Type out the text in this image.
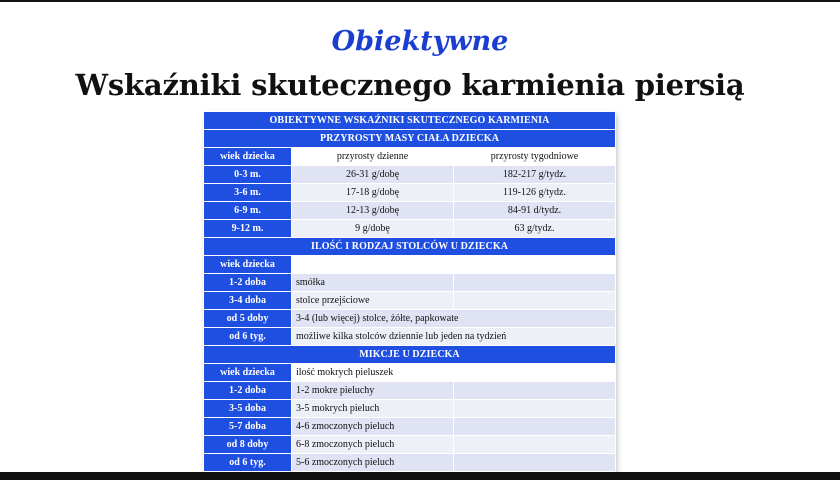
Obiektywne
Wskaźniki skutecznego karmienia piersią
OBIEKTYWNE WSKAŹNIKI SKUTECZNEGO KARMIENIA		
PRZYROSTY MASY CIAŁA DZIECKA		
wiek dziecka	przyrosty dzienne	przyrosty tygodniowe
0-3 m.	26-31 g/dobę	182-217 g/tydz.
3-6 m.	17-18 g/dobę	119-126 g/tydz.
6-9 m.	12-13 g/dobę	84-91 d/tydz.
9-12 m.	9 g/dobę	63 g/tydz.
ILOŚĆ I RODZAJ STOLCÓW U DZIECKA		
wiek dziecka		
1-2 doba	smółka	
3-4 doba	stolce przejściowe	
od 5 doby	3-4 (lub więcej) stolce, żółte, papkowate	
od 6 tyg.	możliwe kilka stolców dziennie lub jeden na tydzień	
MIKCJE U DZIECKA		
wiek dziecka	ilość mokrych pieluszek	
1-2 doba	1-2 mokre pieluchy	
3-5 doba	3-5 mokrych pieluch	
5-7 doba	4-6 zmoczonych pieluch	
od 8 doby	6-8 zmoczonych pieluch	
od 6 tyg.	5-6 zmoczonych pieluch	
